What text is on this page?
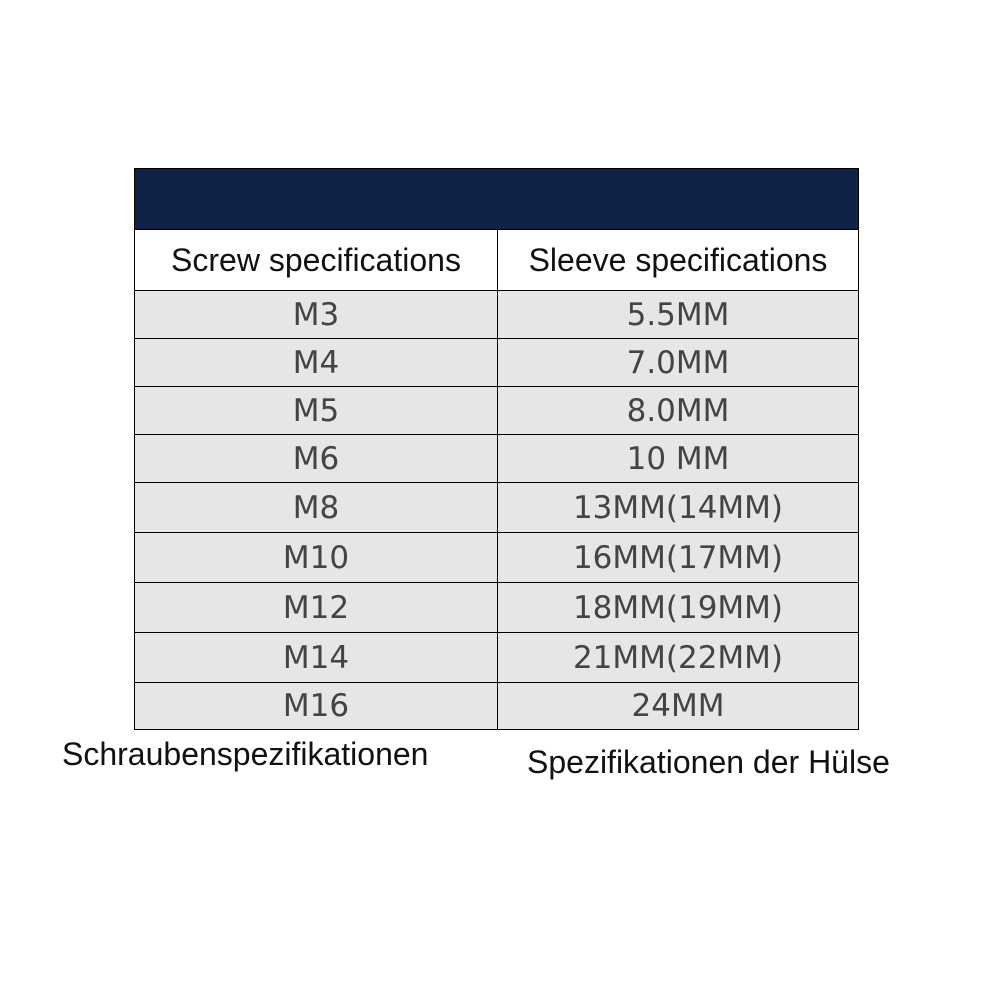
Screw specifications	Sleeve specifications
M3	5.5MM
M4	7.0MM
M5	8.0MM
M6	10 MM
M8	13MM(14MM)
M10	16MM(17MM)
M12	18MM(19MM)
M14	21MM(22MM)
M16	24MM
Schraubenspezifikationen	Spezifikationen der Hülse
